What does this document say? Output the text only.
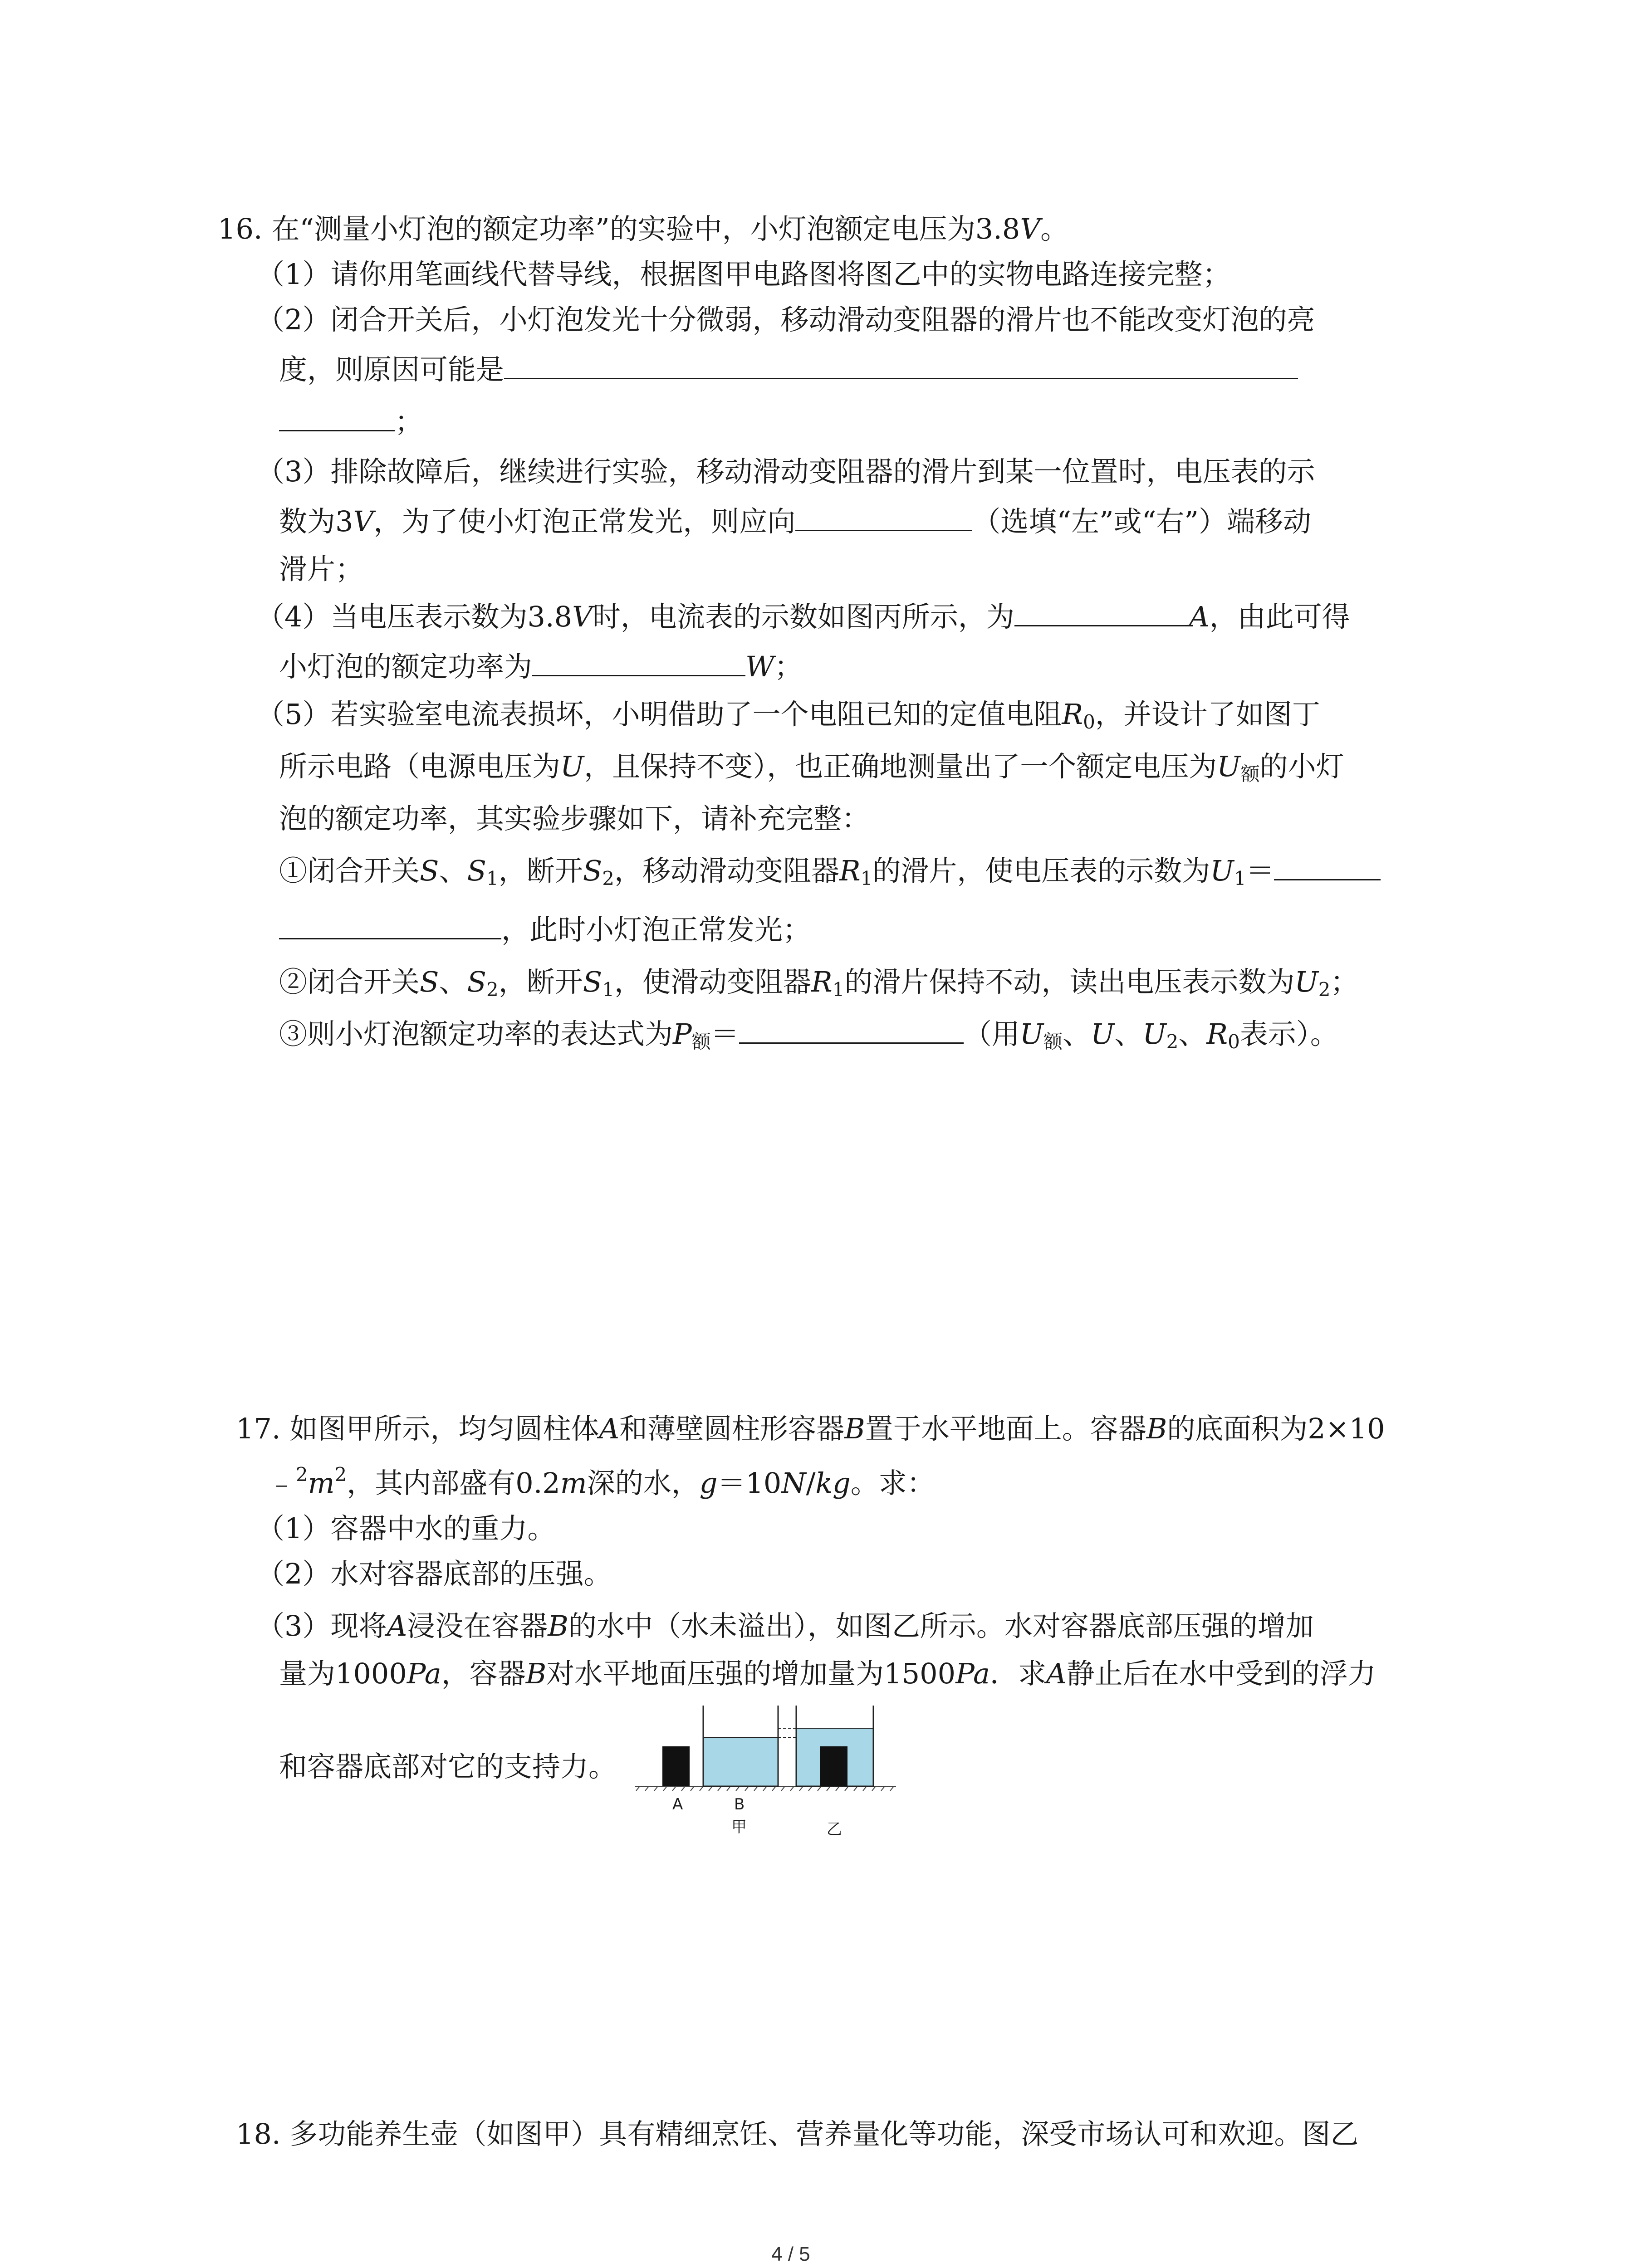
16. 在“测量小灯泡的额定功率”的实验中，小灯泡额定电压为3.8V。
（1）请你用笔画线代替导线，根据图甲电路图将图乙中的实物电路连接完整；
（2）闭合开关后，小灯泡发光十分微弱，移动滑动变阻器的滑片也不能改变灯泡的亮
度，则原因可能是
；
（3）排除故障后，继续进行实验，移动滑动变阻器的滑片到某一位置时，电压表的示
数为3V，为了使小灯泡正常发光，则应向	（选填“左”或“右”）端移动
滑片；
（4）当电压表示数为3.8V时，电流表的示数如图丙所示，为	A，由此可得
小灯泡的额定功率为	W；
（5）若实验室电流表损坏，小明借助了一个电阻已知的定值电阻$R_0$，并设计了如图丁
所示电路（电源电压为U，且保持不变），也正确地测量出了一个额定电压为$U_额$的小灯
泡的额定功率，其实验步骤如下，请补充完整：
①闭合开关S、$S_1$，断开$S_2$，移动滑动变阻器$R_1$的滑片，使电压表的示数为$U_1=$
，此时小灯泡正常发光；
②闭合开关S、$S_2$，断开$S_1$，使滑动变阻器$R_1$的滑片保持不动，读出电压表示数为$U_2$；
③则小灯泡额定功率的表达式为$P_额=$	（用$U_额$、U、$U_2$、$R_0$表示）。
17. 如图甲所示，均匀圆柱体A和薄壁圆柱形容器B置于水平地面上。容器B的底面积为2×10
$﹣^2m^2$，其内部盛有0.2m深的水，g＝10N/kg。求：
（1）容器中水的重力。
（2）水对容器底部的压强。
（3）现将A浸没在容器B的水中（水未溢出），如图乙所示。水对容器底部压强的增加
量为1000Pa，容器B对水平地面压强的增加量为1500Pa．求A静止后在水中受到的浮力
和容器底部对它的支持力。
A	B
甲	乙
18. 多功能养生壶（如图甲）具有精细烹饪、营养量化等功能，深受市场认可和欢迎。图乙
4 / 5
